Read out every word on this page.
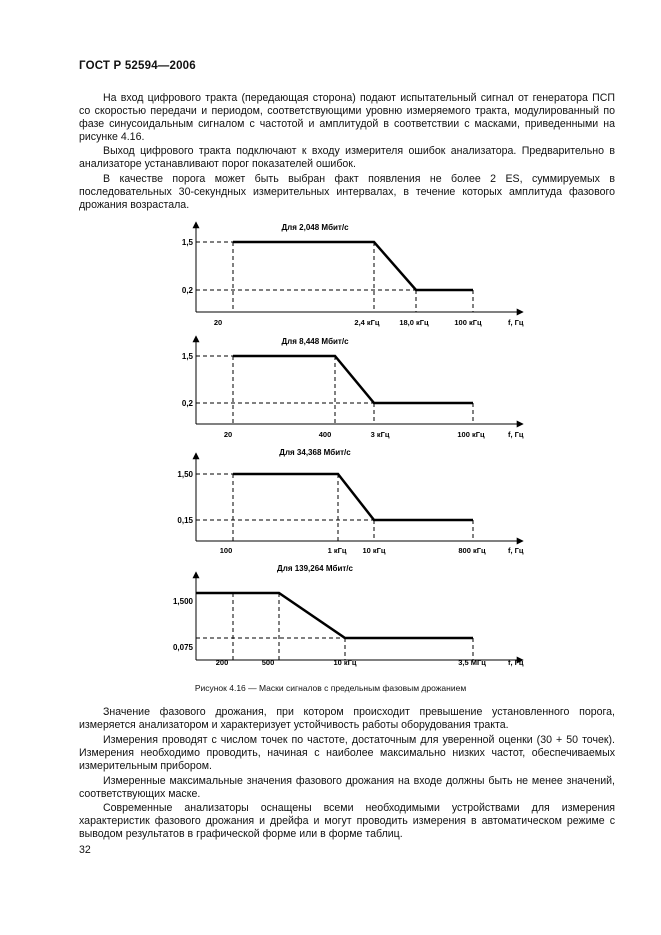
ГОСТ Р 52594—2006

На вход цифрового тракта (передающая сторона) подают испытательный сигнал от генератора ПСП со скоростью передачи и периодом, соответствующими уровню измеряемого тракта, модулированный по фазе синусоидальным сигналом с частотой и амплитудой в соответствии с масками, приведенными на рисунке 4.16.

Выход цифрового тракта подключают к входу измерителя ошибок анализатора. Предварительно в анализаторе устанавливают порог показателей ошибок.

В качестве порога может быть выбран факт появления не более 2 ES, суммируемых в последовательных 30-секундных измерительных интервалах, в течение которых амплитуда фазового дрожания возрастала.

Для 2,048 Мбит/с
1,5
0,2
20	2,4 кГц	18,0 кГц	100 кГц	f, Гц
Для 8,448 Мбит/с
1,5
0,2
20	400	3 кГц	100 кГц	f, Гц
Для 34,368 Мбит/с
1,50
0,15
100	1 кГц 10 кГц	800 кГц	f, Гц
Для 139,264 Мбит/с
1,500
0,075
200	500	10 кГц	3,5 МГц	f, Гц
Рисунок 4.16 — Маски сигналов с предельным фазовым дрожанием

Значение фазового дрожания, при котором происходит превышение установленного порога, измеряется анализатором и характеризует устойчивость работы оборудования тракта.

Измерения проводят с числом точек по частоте, достаточным для уверенной оценки (30 + 50 точек). Измерения необходимо проводить, начиная с наиболее максимально низких частот, обеспечиваемых измерительным прибором.

Измеренные максимальные значения фазового дрожания на входе должны быть не менее значений, соответствующих маске.

Современные анализаторы оснащены всеми необходимыми устройствами для измерения характеристик фазового дрожания и дрейфа и могут проводить измерения в автоматическом режиме с выводом результатов в графической форме или в форме таблиц.

32
